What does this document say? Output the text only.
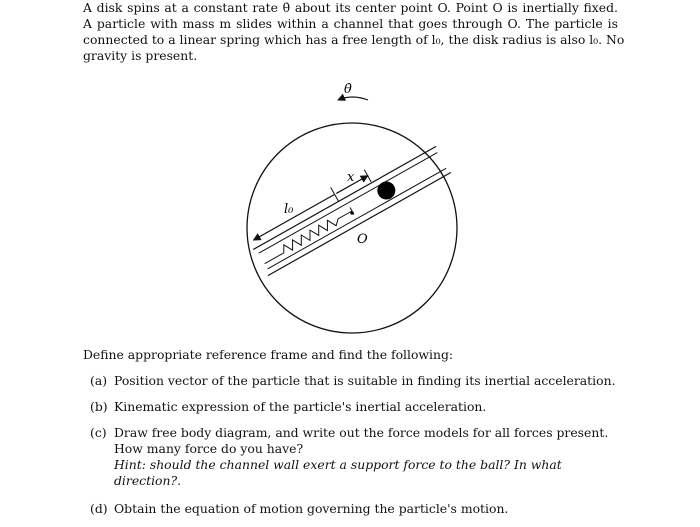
A disk spins at a constant rate θ̇ about its center point O. Point O is inertially fixed.
A particle with mass m slides within a channel that goes through O. The particle is
connected to a linear spring which has a free length of l₀, the disk radius is also l₀. No
gravity is present.
θ̇
l₀
x
O
Define appropriate reference frame and find the following:
(a) Position vector of the particle that is suitable in finding its inertial acceleration.
(b) Kinematic expression of the particle's inertial acceleration.
(c) Draw free body diagram, and write out the force models for all forces present. How many force do you have?
Hint: should the channel wall exert a support force to the ball? In what direction?.
(d) Obtain the equation of motion governing the particle's motion.
